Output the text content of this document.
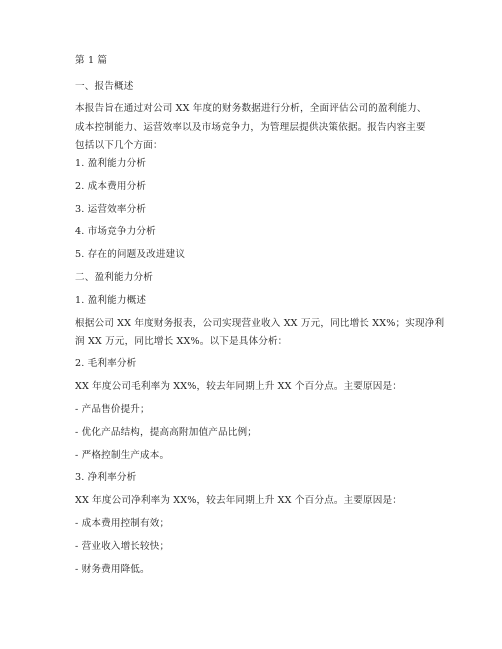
第 1 篇
一、报告概述
本报告旨在通过对公司 XX 年度的财务数据进行分析，全面评估公司的盈利能力、
成本控制能力、运营效率以及市场竞争力，为管理层提供决策依据。报告内容主要
包括以下几个方面：
1. 盈利能力分析
2. 成本费用分析
3. 运营效率分析
4. 市场竞争力分析
5. 存在的问题及改进建议
二、盈利能力分析
1. 盈利能力概述
根据公司 XX 年度财务报表，公司实现营业收入 XX 万元，同比增长 XX%；实现净利
润 XX 万元，同比增长 XX%。以下是具体分析：
2. 毛利率分析
XX 年度公司毛利率为 XX%，较去年同期上升 XX 个百分点。主要原因是：
- 产品售价提升；
- 优化产品结构，提高高附加值产品比例；
- 严格控制生产成本。
3. 净利率分析
XX 年度公司净利率为 XX%，较去年同期上升 XX 个百分点。主要原因是：
- 成本费用控制有效；
- 营业收入增长较快；
- 财务费用降低。
